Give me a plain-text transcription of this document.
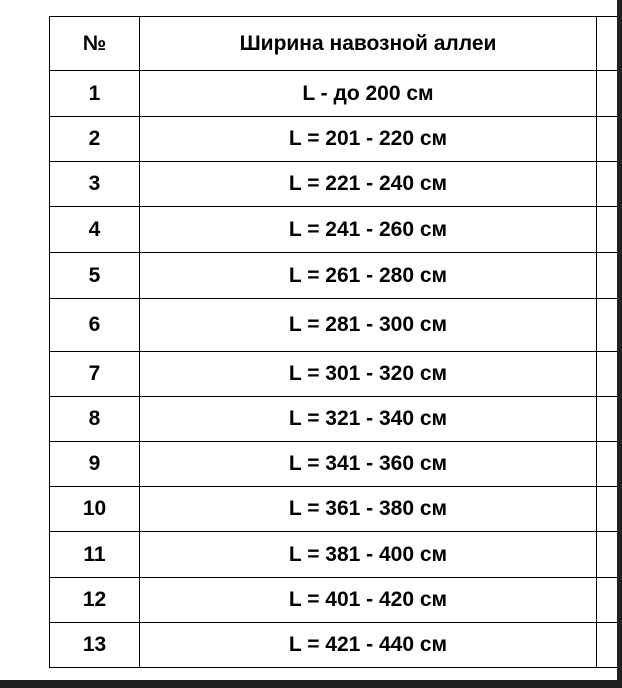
№	Ширина навозной аллеи	
1	L - до 200 см	
2	L = 201 - 220 см	
3	L = 221 - 240 см	
4	L = 241 - 260 см	
5	L = 261 - 280 см	
6	L = 281 - 300 см	
7	L = 301 - 320 см	
8	L = 321 - 340 см	
9	L = 341 - 360 см	
10	L = 361 - 380 см	
11	L = 381 - 400 см	
12	L = 401 - 420 см	
13	L = 421 - 440 см	
